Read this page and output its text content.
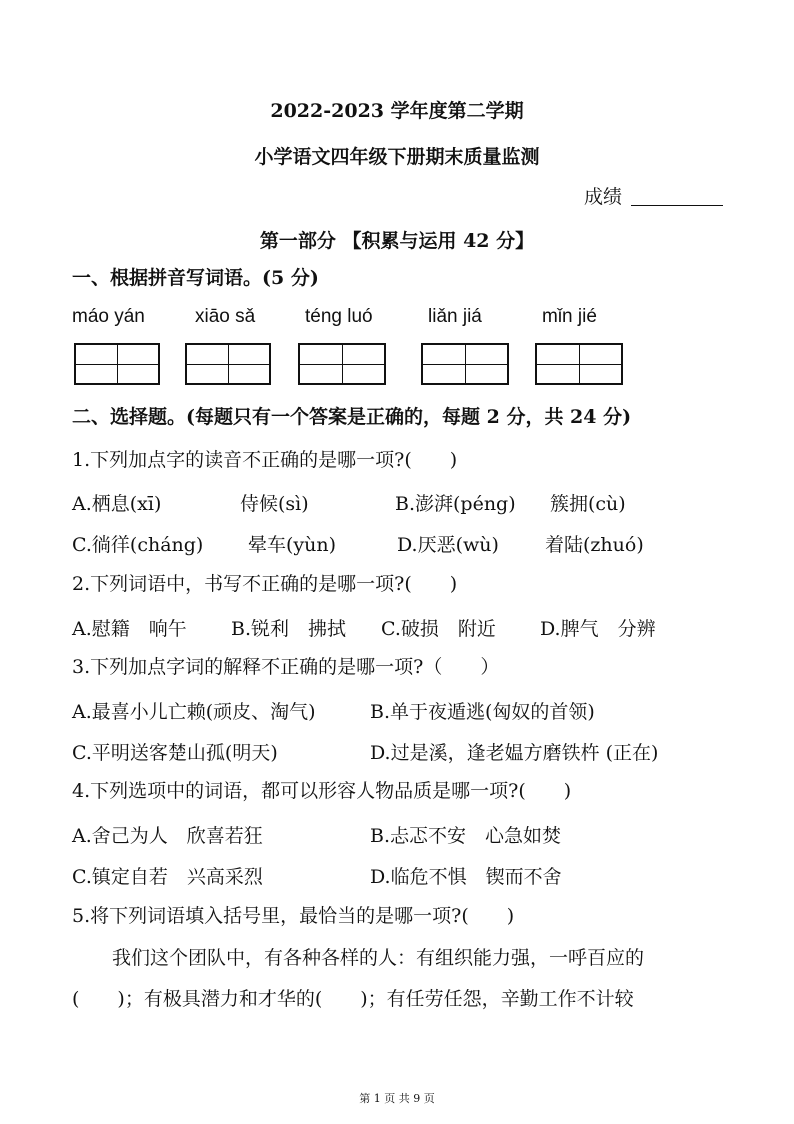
2022-2023 学年度第二学期
小学语文四年级下册期末质量监测
成绩
第一部分 【积累与运用 42 分】
一、根据拼音写词语。(5 分)
máo yán	xiāo sǎ	téng luó	liǎn jiá	mǐn jié
二、选择题。(每题只有一个答案是正确的，每题 2 分，共 24 分)
1.下列加点字的读音不正确的是哪一项?(　　)
A.栖息(xī)	侍候(sì)	B.澎湃(péng) 簇拥(cù)
C.徜徉(cháng) 晕车(yùn)	D.厌恶(wù) 着陆(zhuó)
2.下列词语中，书写不正确的是哪一项?(　　)
A.慰籍　响午 B.锐利　拂拭 C.破损　附近 D.脾气　分辨
3.下列加点字词的解释不正确的是哪一项?（　　）
A.最喜小儿亡赖(顽皮、淘气)	B.单于夜遁逃(匈奴的首领)
C.平明送客楚山孤(明天)	D.过是溪，逢老媪方磨铁杵 (正在)
4.下列选项中的词语，都可以形容人物品质是哪一项?(　　)
A.舍己为人　欣喜若狂	B.忐忑不安　心急如焚
C.镇定自若　兴高采烈	D.临危不惧　锲而不舍
5.将下列词语填入括号里，最恰当的是哪一项?(　　)
我们这个团队中，有各种各样的人：有组织能力强，一呼百应的
(　　)；有极具潜力和才华的(　　)；有任劳任怨，辛勤工作不计较
第 1 页 共 9 页
